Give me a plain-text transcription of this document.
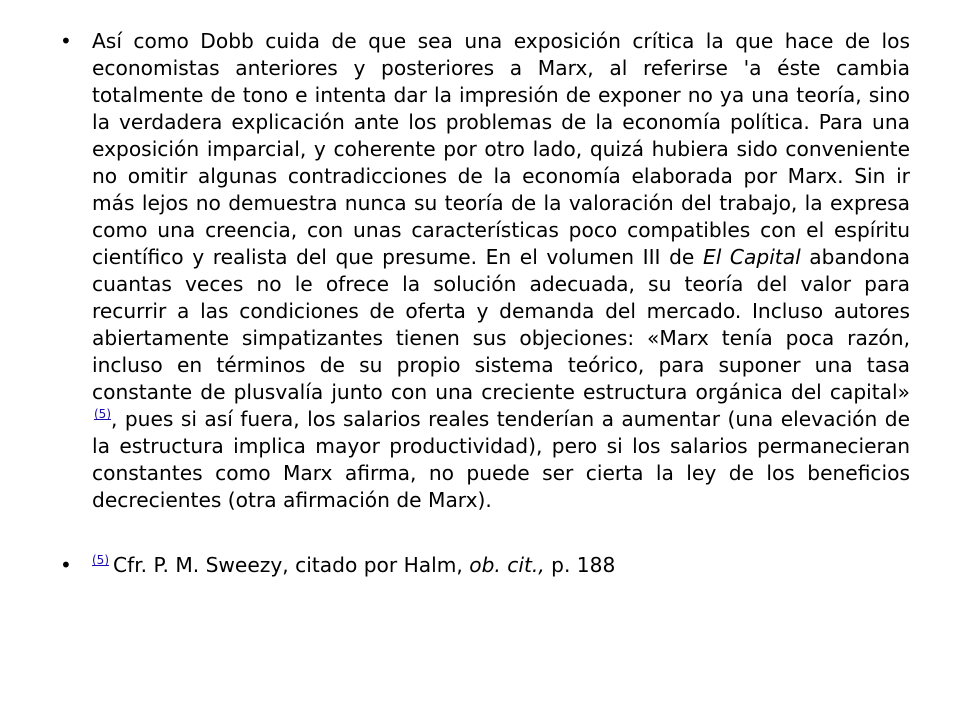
• Así como Dobb cuida de que sea una exposición crítica la que hace de los economistas anteriores y posteriores a Marx, al referirse 'a éste cambia totalmente de tono e intenta dar la impresión de exponer no ya una teoría, sino la verdadera explicación ante los problemas de la economía política. Para una exposición imparcial, y coherente por otro lado, quizá hubiera sido conveniente no omitir algunas contradicciones de la economía elaborada por Marx. Sin ir más lejos no demuestra nunca su teoría de la valoración del trabajo, la expresa como una creencia, con unas características poco compatibles con el espíritu científico y realista del que presume. En el volumen III de El Capital abandona cuantas veces no le ofrece la solución adecuada, su teoría del valor para recurrir a las condiciones de oferta y demanda del mercado. Incluso autores abiertamente simpatizantes tienen sus objeciones: «Marx tenía poca razón, incluso en términos de su propio sistema teórico, para suponer una tasa constante de plusvalía junto con una creciente estructura orgánica del capital» $^{(5)}$, pues si así fuera, los salarios reales tenderían a aumentar (una elevación de la estructura implica mayor productividad), pero si los salarios permanecieran constantes como Marx afirma, no puede ser cierta la ley de los beneficios decrecientes (otra afirmación de Marx).

• $^{(5)}$ Cfr. P. M. Sweezy, citado por Halm, ob. cit., p. 188
